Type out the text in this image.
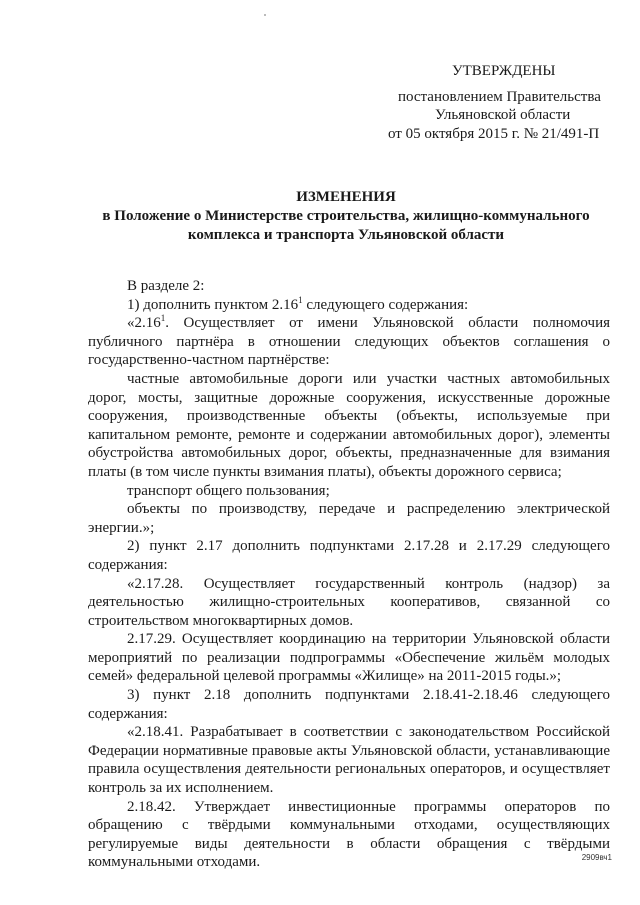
УТВЕРЖДЕНЫ
постановлением Правительства
Ульяновской области
от 05 октября 2015 г. № 21/491-П
ИЗМЕНЕНИЯ
в Положение о Министерстве строительства, жилищно-коммунального
комплекса и транспорта Ульяновской области

В разделе 2:

1) дополнить пунктом 2.16$^1$ следующего содержания:

«2.16$^1$. Осуществляет от имени Ульяновской области полномочия публичного партнёра в отношении следующих объектов соглашения о государственно-частном партнёрстве:

частные автомобильные дороги или участки частных автомобильных дорог, мосты, защитные дорожные сооружения, искусственные дорожные сооружения, производственные объекты (объекты, используемые при капитальном ремонте, ремонте и содержании автомобильных дорог), элементы обустройства автомобильных дорог, объекты, предназначенные для взимания платы (в том числе пункты взимания платы), объекты дорожного сервиса;

транспорт общего пользования;

объекты по производству, передаче и распределению электрической энергии.»;

2) пункт 2.17 дополнить подпунктами 2.17.28 и 2.17.29 следующего содержания:

«2.17.28. Осуществляет государственный контроль (надзор) за деятельностью жилищно-строительных кооперативов, связанной со строительством многоквартирных домов.

2.17.29. Осуществляет координацию на территории Ульяновской области мероприятий по реализации подпрограммы «Обеспечение жильём молодых семей» федеральной целевой программы «Жилище» на 2011-2015 годы.»;

3) пункт 2.18 дополнить подпунктами 2.18.41-2.18.46 следующего содержания:

«2.18.41. Разрабатывает в соответствии с законодательством Российской Федерации нормативные правовые акты Ульяновской области, устанавливающие правила осуществления деятельности региональных операторов, и осуществляет контроль за их исполнением.

2.18.42. Утверждает инвестиционные программы операторов по обращению с твёрдыми коммунальными отходами, осуществляющих регулируемые виды деятельности в области обращения с твёрдыми коммунальными отходами.	2909вч1
